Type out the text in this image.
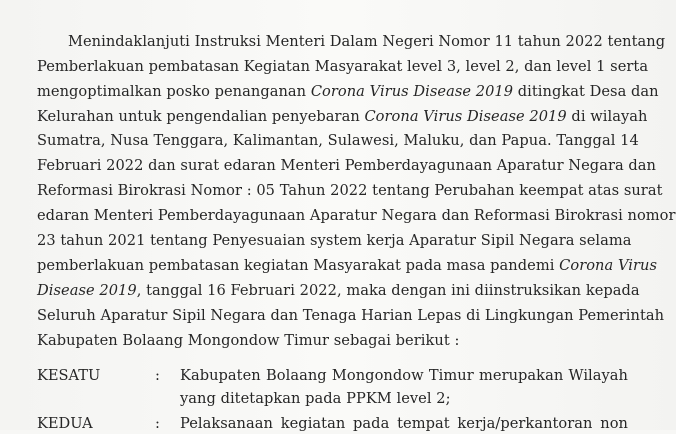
Menindaklanjuti Instruksi Menteri Dalam Negeri Nomor 11 tahun 2022 tentang
Pemberlakuan pembatasan Kegiatan Masyarakat level 3, level 2, dan level 1 serta
mengoptimalkan posko penanganan Corona Virus Disease 2019 ditingkat Desa dan
Kelurahan untuk pengendalian penyebaran Corona Virus Disease 2019 di wilayah
Sumatra, Nusa Tenggara, Kalimantan, Sulawesi, Maluku, dan Papua. Tanggal 14
Februari 2022 dan surat edaran Menteri Pemberdayagunaan Aparatur Negara dan
Reformasi Birokrasi Nomor : 05 Tahun 2022 tentang Perubahan keempat atas surat
edaran Menteri Pemberdayagunaan Aparatur Negara dan Reformasi Birokrasi nomor
23 tahun 2021 tentang Penyesuaian system kerja Aparatur Sipil Negara selama
pemberlakuan pembatasan kegiatan Masyarakat pada masa pandemi Corona Virus
Disease 2019, tanggal 16 Februari 2022, maka dengan ini diinstruksikan kepada
Seluruh Aparatur Sipil Negara dan Tenaga Harian Lepas di Lingkungan Pemerintah
Kabupaten Bolaang Mongondow Timur sebagai berikut :
KESATU	: Kabupaten Bolaang Mongondow Timur merupakan Wilayah
yang ditetapkan pada PPKM level 2;
KEDUA	: Pelaksanaan kegiatan pada tempat kerja/perkantoran non
